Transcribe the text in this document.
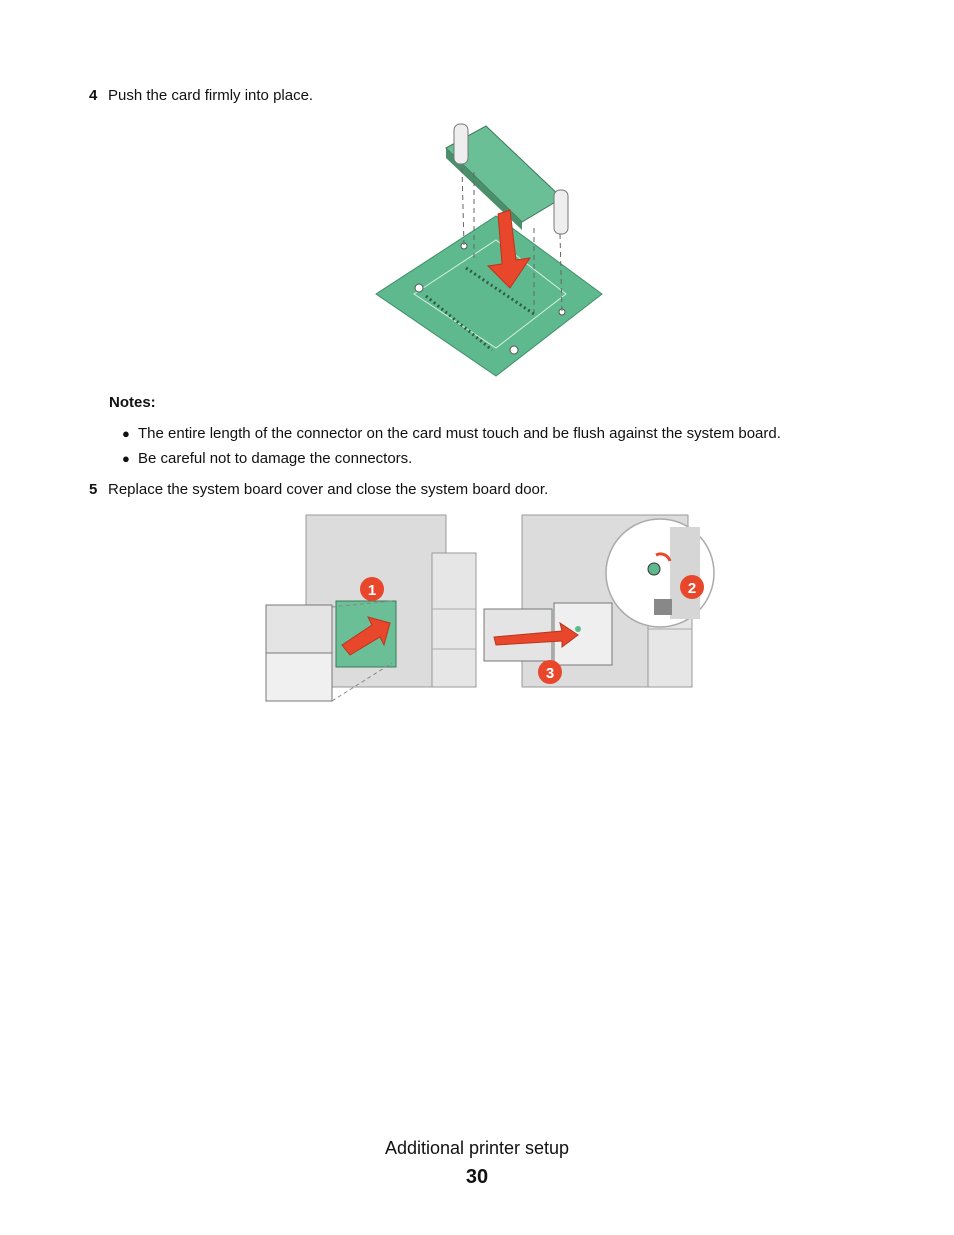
4 Push the card firmly into place.
Notes:
● The entire length of the connector on the card must touch and be flush against the system board.
● Be careful not to damage the connectors.
5 Replace the system board cover and close the system board door.
1
3
2
Additional printer setup
30
